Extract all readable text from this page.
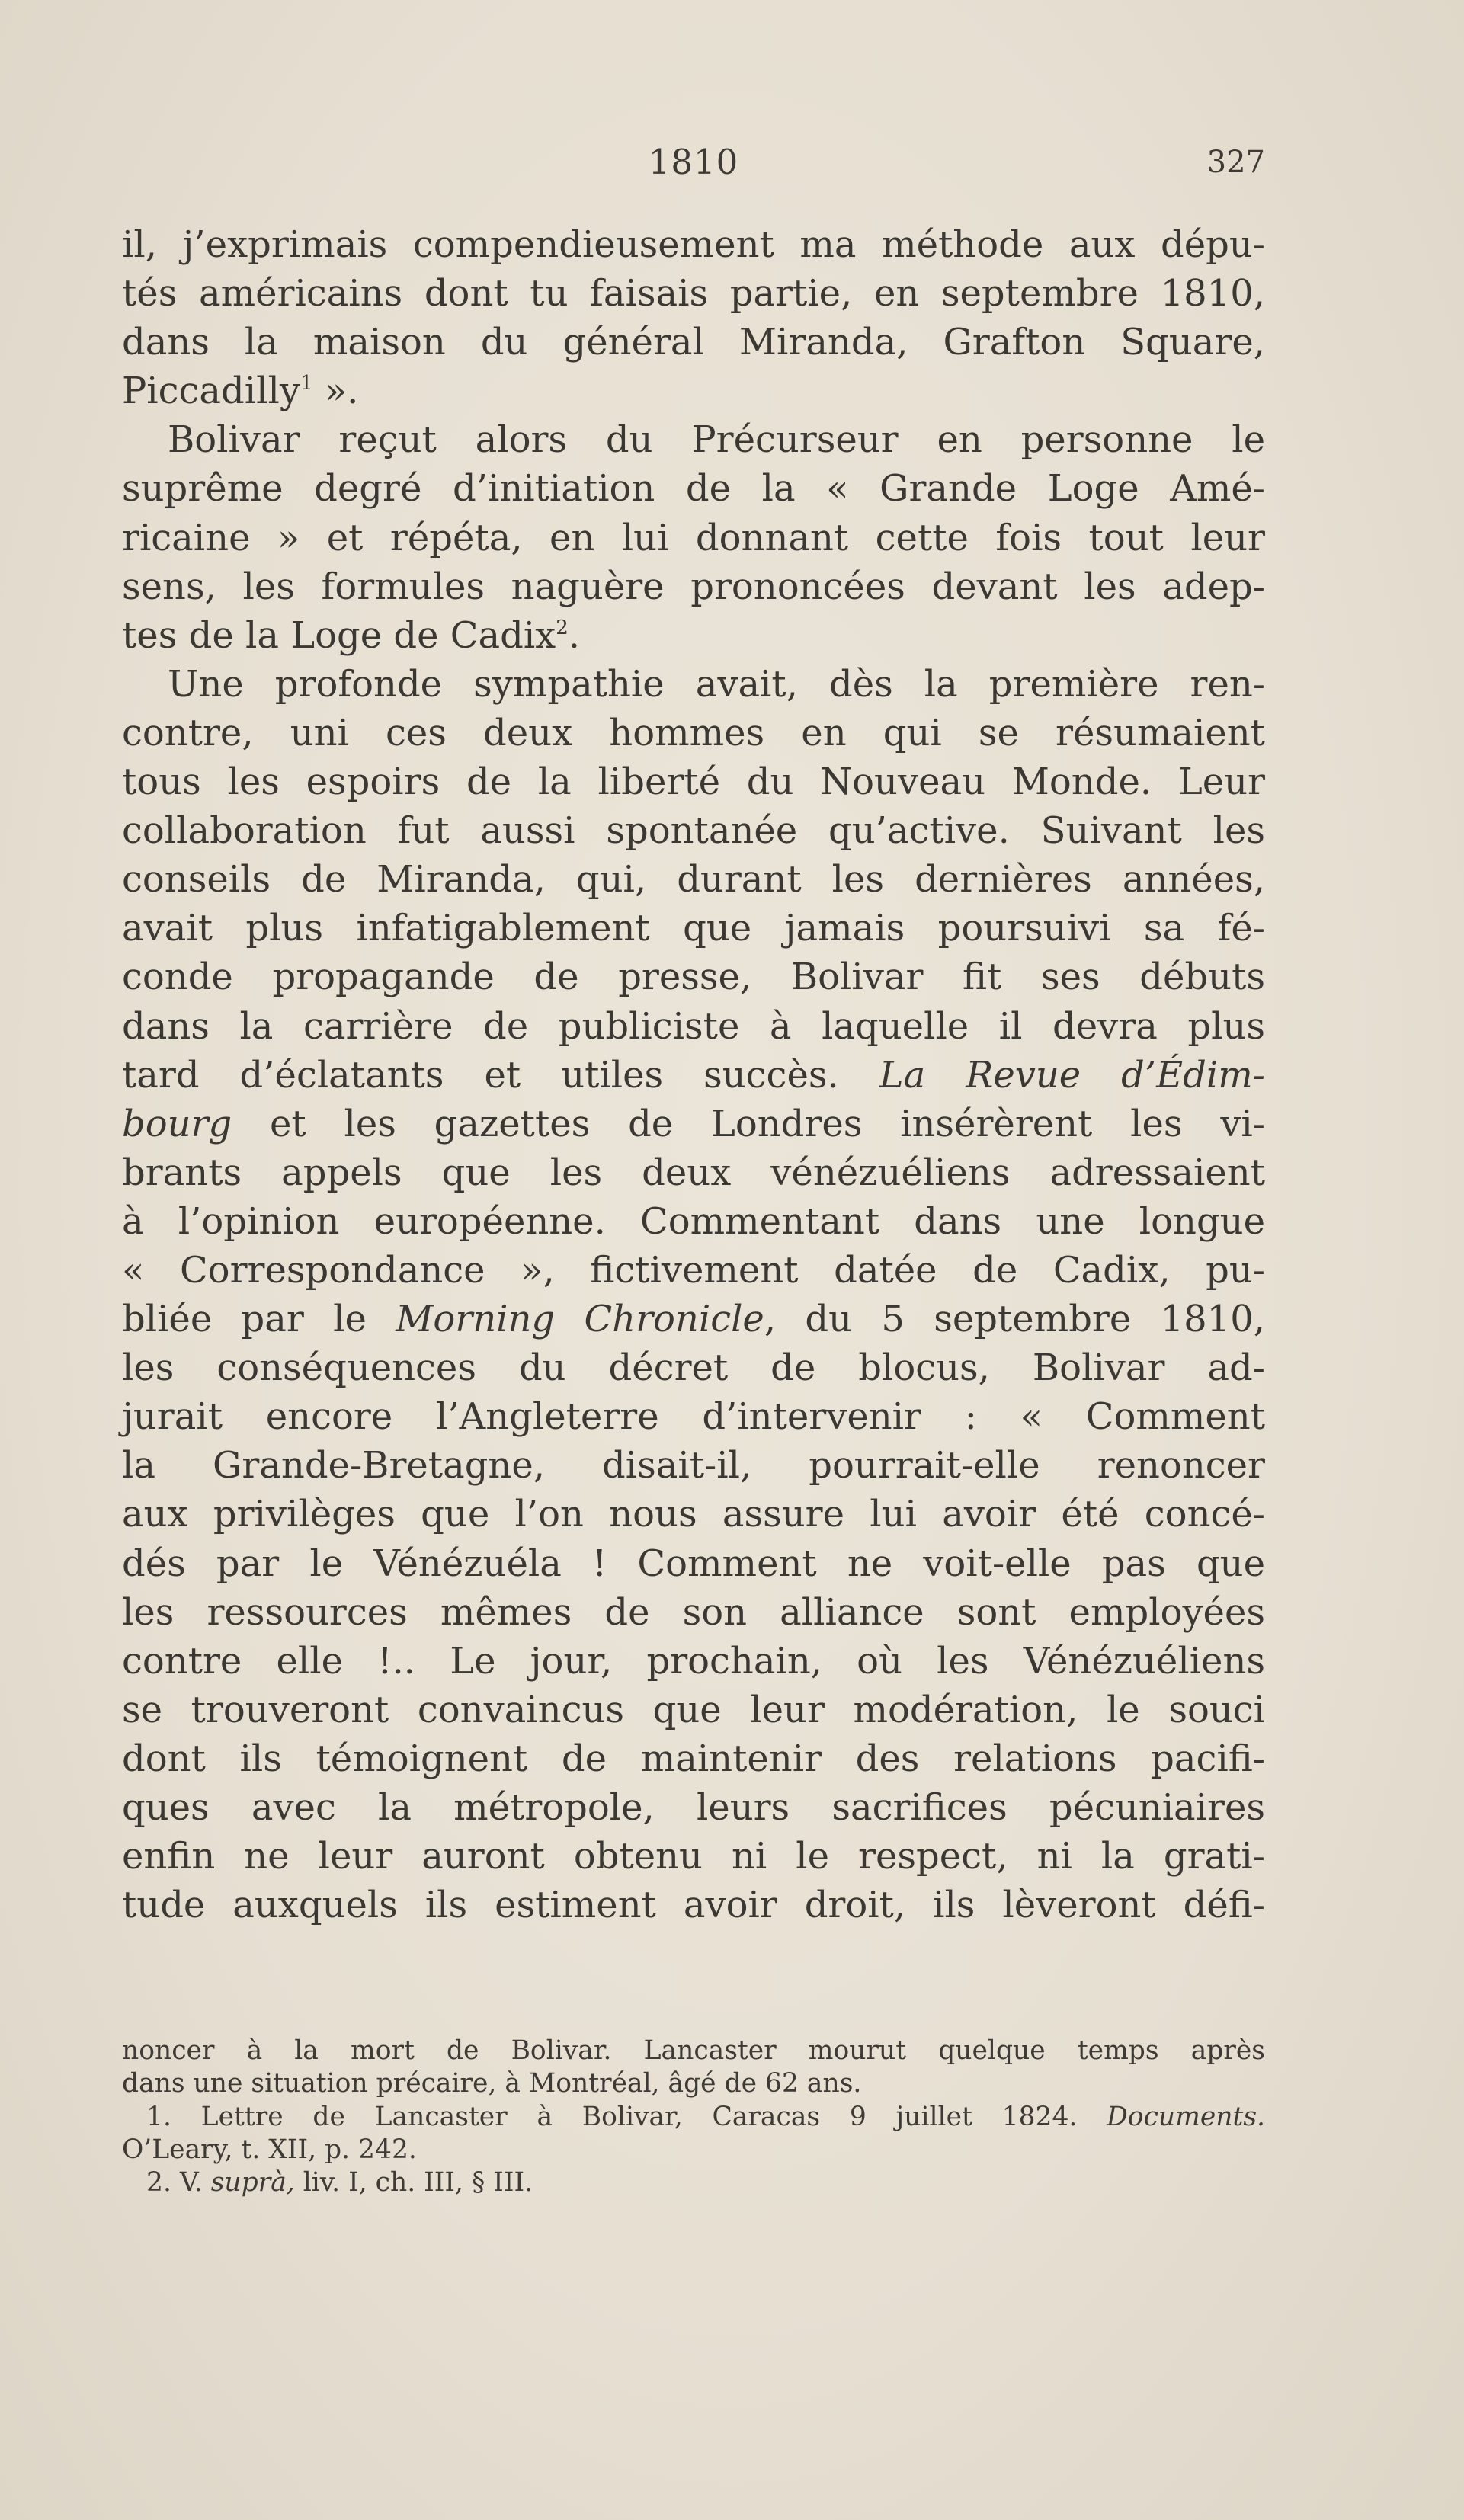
1810	327
il, j’exprimais compendieusement ma méthode aux dépu-
tés américains dont tu faisais partie, en septembre 1810,
dans la maison du général Miranda, Grafton Square,
Piccadilly$^1$ ».
Bolivar reçut alors du Précurseur en personne le
suprême degré d’initiation de la « Grande Loge Amé-
ricaine » et répéta, en lui donnant cette fois tout leur
sens, les formules naguère prononcées devant les adep-
tes de la Loge de Cadix$^2$.
Une profonde sympathie avait, dès la première ren-
contre, uni ces deux hommes en qui se résumaient
tous les espoirs de la liberté du Nouveau Monde. Leur
collaboration fut aussi spontanée qu’active. Suivant les
conseils de Miranda, qui, durant les dernières années,
avait plus infatigablement que jamais poursuivi sa fé-
conde propagande de presse, Bolivar fit ses débuts
dans la carrière de publiciste à laquelle il devra plus
tard d’éclatants et utiles succès. La Revue d’Édim-
bourg et les gazettes de Londres insérèrent les vi-
brants appels que les deux vénézuéliens adressaient
à l’opinion européenne. Commentant dans une longue
« Correspondance », fictivement datée de Cadix, pu-
bliée par le Morning Chronicle, du 5 septembre 1810,
les conséquences du décret de blocus, Bolivar ad-
jurait encore l’Angleterre d’intervenir : « Comment
la Grande-Bretagne, disait-il, pourrait-elle renoncer
aux privilèges que l’on nous assure lui avoir été concé-
dés par le Vénézuéla ! Comment ne voit-elle pas que
les ressources mêmes de son alliance sont employées
contre elle !.. Le jour, prochain, où les Vénézuéliens
se trouveront convaincus que leur modération, le souci
dont ils témoignent de maintenir des relations pacifi-
ques avec la métropole, leurs sacrifices pécuniaires
enfin ne leur auront obtenu ni le respect, ni la grati-
tude auxquels ils estiment avoir droit, ils lèveront défi-
noncer à la mort de Bolivar. Lancaster mourut quelque temps après
dans une situation précaire, à Montréal, âgé de 62 ans.
1. Lettre de Lancaster à Bolivar, Caracas 9 juillet 1824. Documents.
O’Leary, t. XII, p. 242.
2. V. suprà, liv. I, ch. III, § III.
